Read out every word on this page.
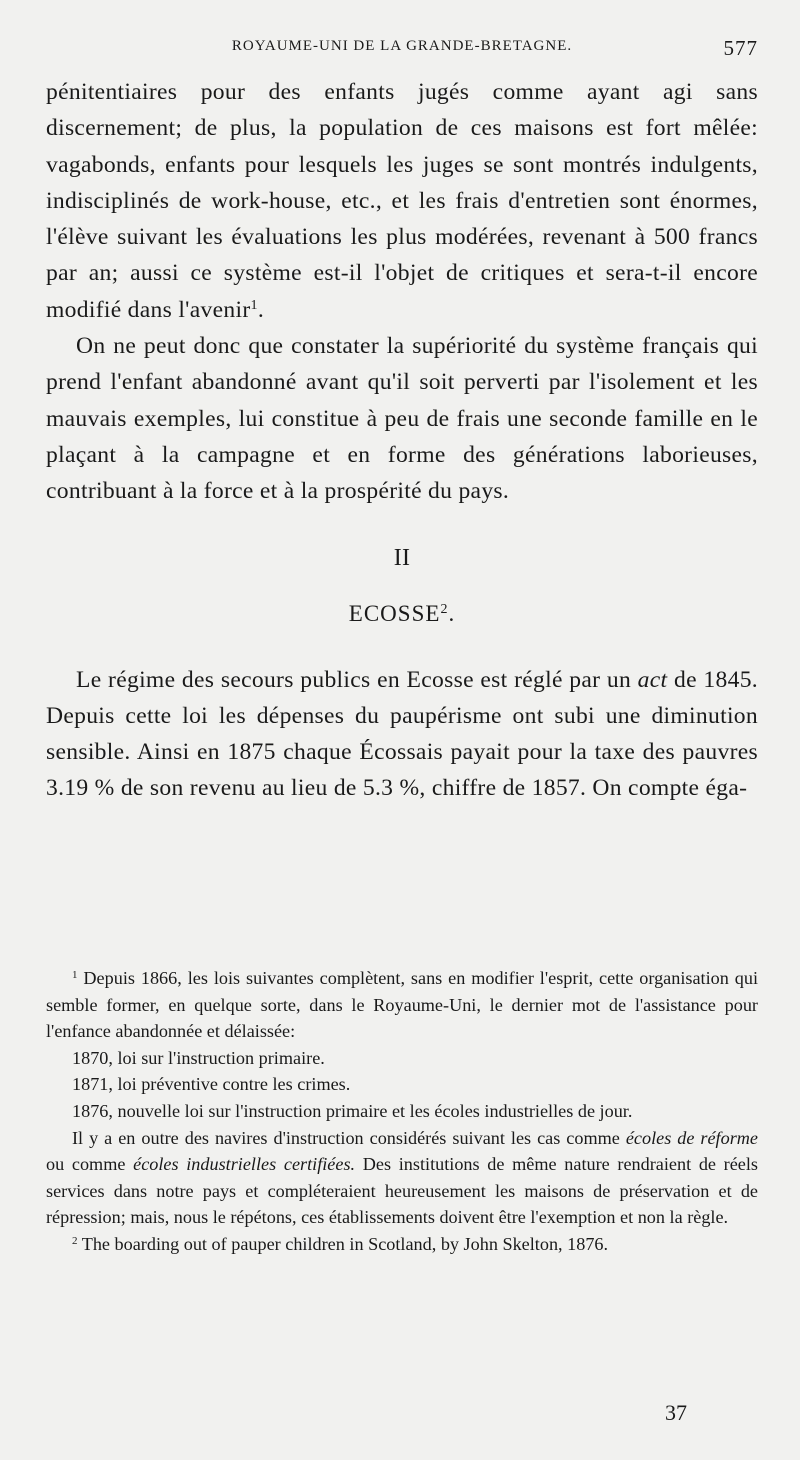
ROYAUME-UNI DE LA GRANDE-BRETAGNE.	577

pénitentiaires pour des enfants jugés comme ayant agi sans discernement; de plus, la population de ces maisons est fort mêlée: vagabonds, enfants pour lesquels les juges se sont montrés indulgents, indisciplinés de work-house, etc., et les frais d'entretien sont énormes, l'élève suivant les évaluations les plus modérées, revenant à 500 francs par an; aussi ce système est-il l'objet de critiques et sera-t-il encore modifié dans l'avenir$^1$.

On ne peut donc que constater la supériorité du système français qui prend l'enfant abandonné avant qu'il soit perverti par l'isolement et les mauvais exemples, lui constitue à peu de frais une seconde famille en le plaçant à la campagne et en forme des générations laborieuses, contribuant à la force et à la prospérité du pays.

II
ECOSSE$^2$.

Le régime des secours publics en Ecosse est réglé par un act de 1845. Depuis cette loi les dépenses du paupérisme ont subi une diminution sensible. Ainsi en 1875 chaque Écossais payait pour la taxe des pauvres 3.19 % de son revenu au lieu de 5.3 %, chiffre de 1857. On compte éga-

$^1$ Depuis 1866, les lois suivantes complètent, sans en modifier l'esprit, cette organisation qui semble former, en quelque sorte, dans le Royaume-Uni, le dernier mot de l'assistance pour l'enfance abandonnée et délaissée:

1870, loi sur l'instruction primaire.

1871, loi préventive contre les crimes.

1876, nouvelle loi sur l'instruction primaire et les écoles industrielles de jour.

Il y a en outre des navires d'instruction considérés suivant les cas comme écoles de réforme ou comme écoles industrielles certifiées. Des institutions de même nature rendraient de réels services dans notre pays et compléteraient heureusement les maisons de préservation et de répression; mais, nous le répétons, ces établissements doivent être l'exemption et non la règle.

$^2$ The boarding out of pauper children in Scotland, by John Skelton, 1876.

37
